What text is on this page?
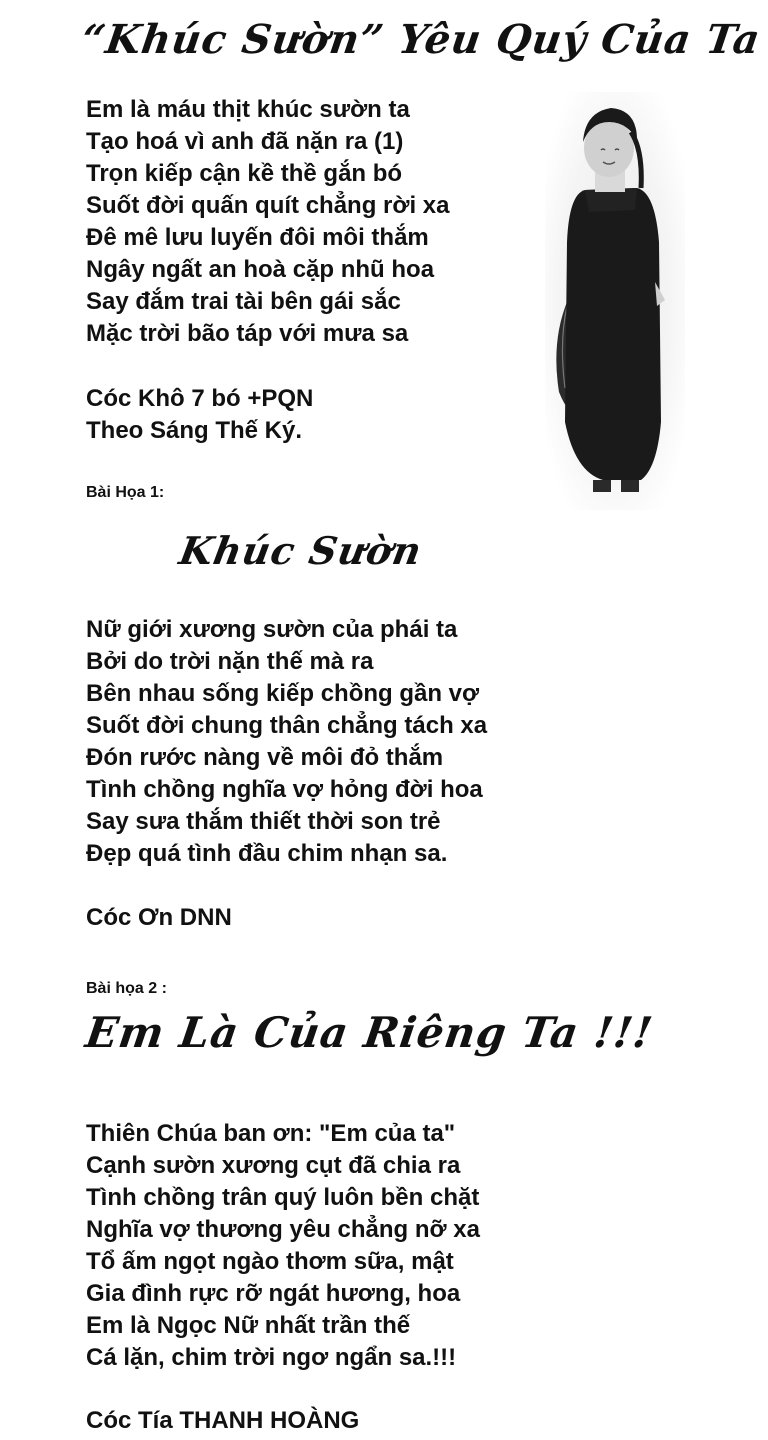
“Khúc Sườn” Yêu Quý Của Ta
Em là máu thịt khúc sườn ta
Tạo hoá vì anh đã nặn ra (1)
Trọn kiếp cận kề thề gắn bó
Suốt đời quấn quít chẳng rời xa
Đê mê lưu luyến đôi môi thắm
Ngây ngất an hoà cặp nhũ hoa
Say đắm trai tài bên gái sắc
Mặc trời bão táp với mưa sa
Cóc Khô 7 bó +PQN
Theo Sáng Thế Ký.
Bài Họa 1:
Khúc Sườn
Nữ giới xương sườn của phái ta
Bởi do trời nặn thế mà ra
Bên nhau sống kiếp chồng gần vợ
Suốt đời chung thân chẳng tách xa
Đón rước nàng về môi đỏ thắm
Tình chồng nghĩa vợ hỏng đời hoa
Say sưa thắm thiết thời son trẻ
Đẹp quá tình đầu chim nhạn sa.
Cóc Ơn DNN
Bài họa 2 :
Em Là Của Riêng Ta !!!
Thiên Chúa ban ơn: "Em của ta"
Cạnh sườn xương cụt đã chia ra
Tình chồng trân quý luôn bền chặt
Nghĩa vợ thương yêu chẳng nỡ xa
Tổ ấm ngọt ngào thơm sữa, mật
Gia đình rực rỡ ngát hương, hoa
Em là Ngọc Nữ nhất trần thế
Cá lặn, chim trời ngơ ngẩn sa.!!!
Cóc Tía THANH HOÀNG
